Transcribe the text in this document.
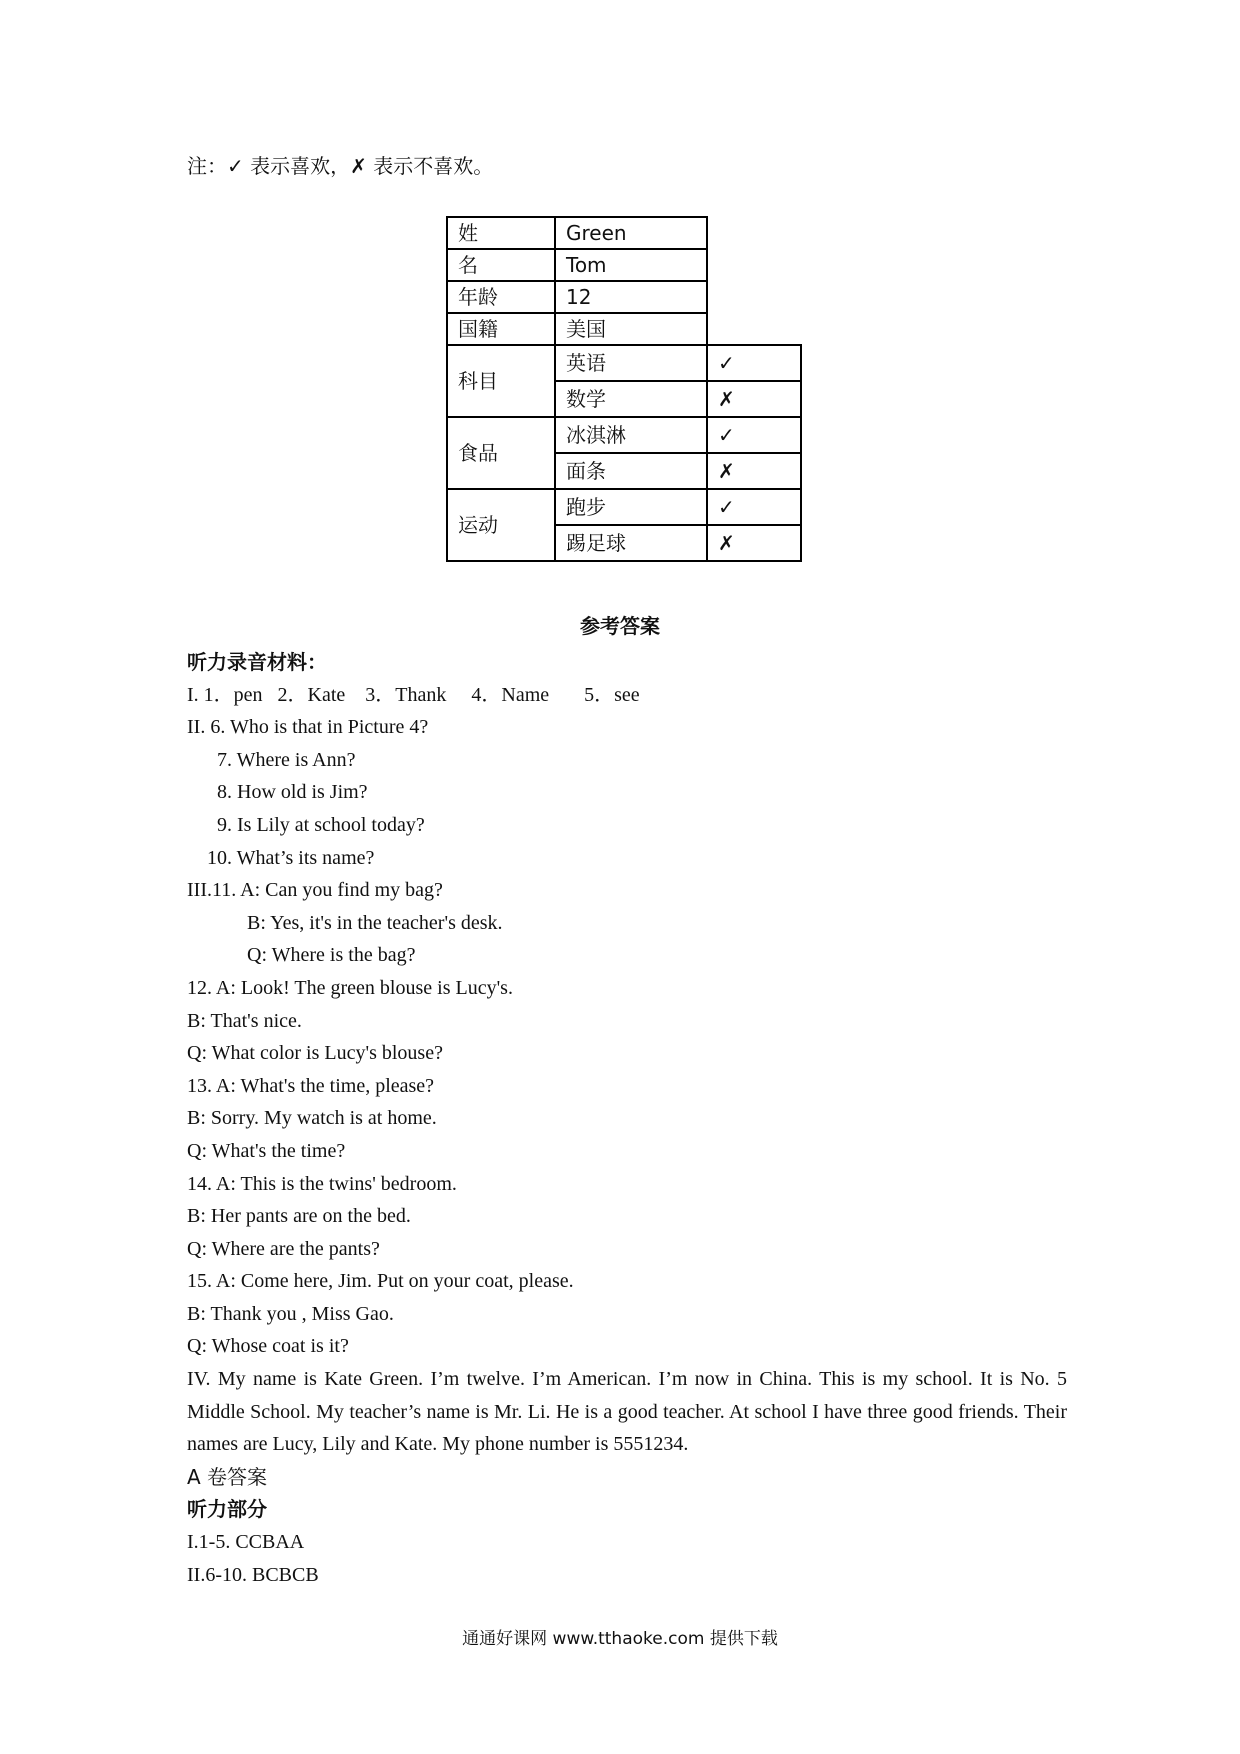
注：✓ 表示喜欢，✗ 表示不喜欢。
姓	Green	
名	Tom	
年龄	12	
国籍	美国	
科目	英语	✓
	数学	✗
食品	冰淇淋	✓
	面条	✗
运动	跑步	✓
	踢足球	✗
参考答案
听力录音材料：
I. 1．pen   2．Kate    3．Thank     4．Name       5．see
II. 6. Who is that in Picture 4?
7. Where is Ann?
8. How old is Jim?
9. Is Lily at school today?
10. What’s its name?
III.11. A: Can you find my bag?
B: Yes, it's in the teacher's desk.
Q: Where is the bag?
12. A: Look! The green blouse is Lucy's.
B: That's nice.
Q: What color is Lucy's blouse?
13. A: What's the time, please?
B: Sorry. My watch is at home.
Q: What's the time?
14. A: This is the twins' bedroom.
B: Her pants are on the bed.
Q: Where are the pants?
15. A: Come here, Jim. Put on your coat, please.
B: Thank you , Miss Gao.
Q: Whose coat is it?
IV. My name is Kate Green. I’m twelve. I’m American. I’m now in China. This is my school. It is No. 5 Middle School. My teacher’s name is Mr. Li. He is a good teacher. At school I have three good friends. Their names are Lucy, Lily and Kate. My phone number is 5551234.
A 卷答案
听力部分
I.1-5. CCBAA
II.6-10. BCBCB
通通好课网 www.tthaoke.com 提供下载
